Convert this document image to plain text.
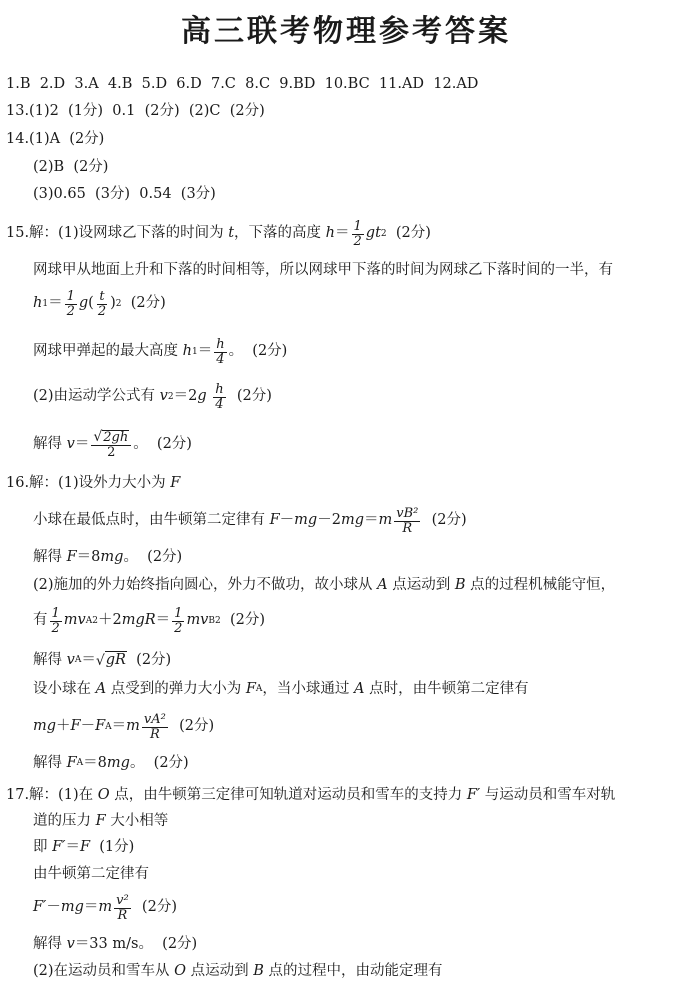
高三联考物理参考答案
1.B  2.D  3.A  4.B  5.D  6.D  7.C  8.C  9.BD  10.BC  11.AD  12.AD
13.(1)2  (1分)  0.1  (2分)  (2)C  (2分)
14.(1)A  (2分)
(2)B  (2分)
(3)0.65  (3分)  0.54  (3分)
15.解：(1)设网球乙下落的时间为 t ，下落的高度 $h = \frac{1}{2}$ gt 2 (2分)
网球甲从地面上升和下落的时间相等，所以网球甲下落的时间为网球乙下落时间的一半，有
h $1 = \frac{1}{2}$ g ( $\frac{t}{2}$ ) 2 (2分)
网球甲弹起的最大高度 h $1 = \frac{h}{4}$ 。  (2分)
(2)由运动学公式有 v 2 ＝2 g
$\frac{h}{4} (2$分)
解得 $v = \frac{√ 2gh}{2}$ 。  (2分)
16.解：(1)设外力大小为 F
小球在最低点时，由牛顿第二定律有 F － mg －2 mg ＝ m $\frac{\text{vB²}}{R} (2$分)
解得 F ＝8 mg 。  (2分)
(2)施加的外力始终指向圆心，外力不做功，故小球从 A 点运动到 B 点的过程机械能守恒，
有 $\frac{1}{2}$ mv A 2 ＋2 mgR ＝ $\frac{1}{2}$ mv B 2 (2分)
解得 v A ＝ √ gR (2分)
设小球在 A 点受到的弹力大小为 F A ，当小球通过 A 点时，由牛顿第二定律有
mg ＋ F － F A ＝ m $\frac{\text{vA²}}{R} (2$分)
解得 F A ＝8 mg 。  (2分)
17.解：(1)在 O 点，由牛顿第三定律可知轨道对运动员和雪车的支持力 F′ 与运动员和雪车对轨
道的压力 F 大小相等
即 F′ ＝ F (1分)
由牛顿第二定律有
F′ － mg ＝ m $\frac{\text{v²}}{R} (2$分)
解得 v ＝33 m/s。  (2分)
(2)在运动员和雪车从 O 点运动到 B 点的过程中，由动能定理有
